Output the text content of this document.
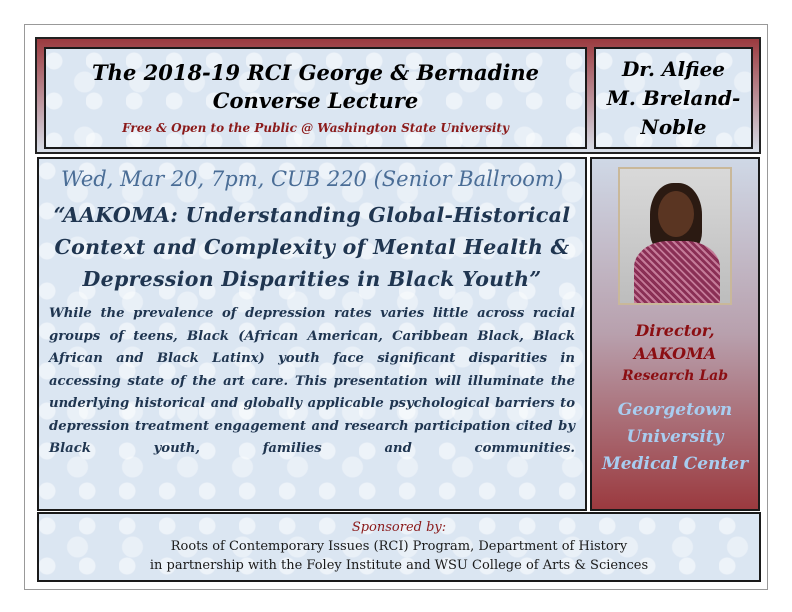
The 2018-19 RCI George & Bernadine
Converse Lecture
Free & Open to the Public @ Washington State University
Dr. Alfiee
M. Breland-
Noble
Wed, Mar 20, 7pm, CUB 220 (Senior Ballroom)
“AAKOMA: Understanding Global-Historical
Context and Complexity of Mental Health &
Depression Disparities in Black Youth”
While the prevalence of depression rates varies little across racial groups of teens, Black (African American, Caribbean Black, Black African and Black Latinx) youth face significant disparities in accessing state of the art care. This presentation will illuminate the underlying historical and globally applicable psychological barriers to depression treatment engagement and research participation cited by Black youth, families and communities.
Director,
AAKOMA
Research Lab
Georgetown
University
Medical Center
Sponsored by:
Roots of Contemporary Issues (RCI) Program, Department of History
in partnership with the Foley Institute and WSU College of Arts & Sciences
